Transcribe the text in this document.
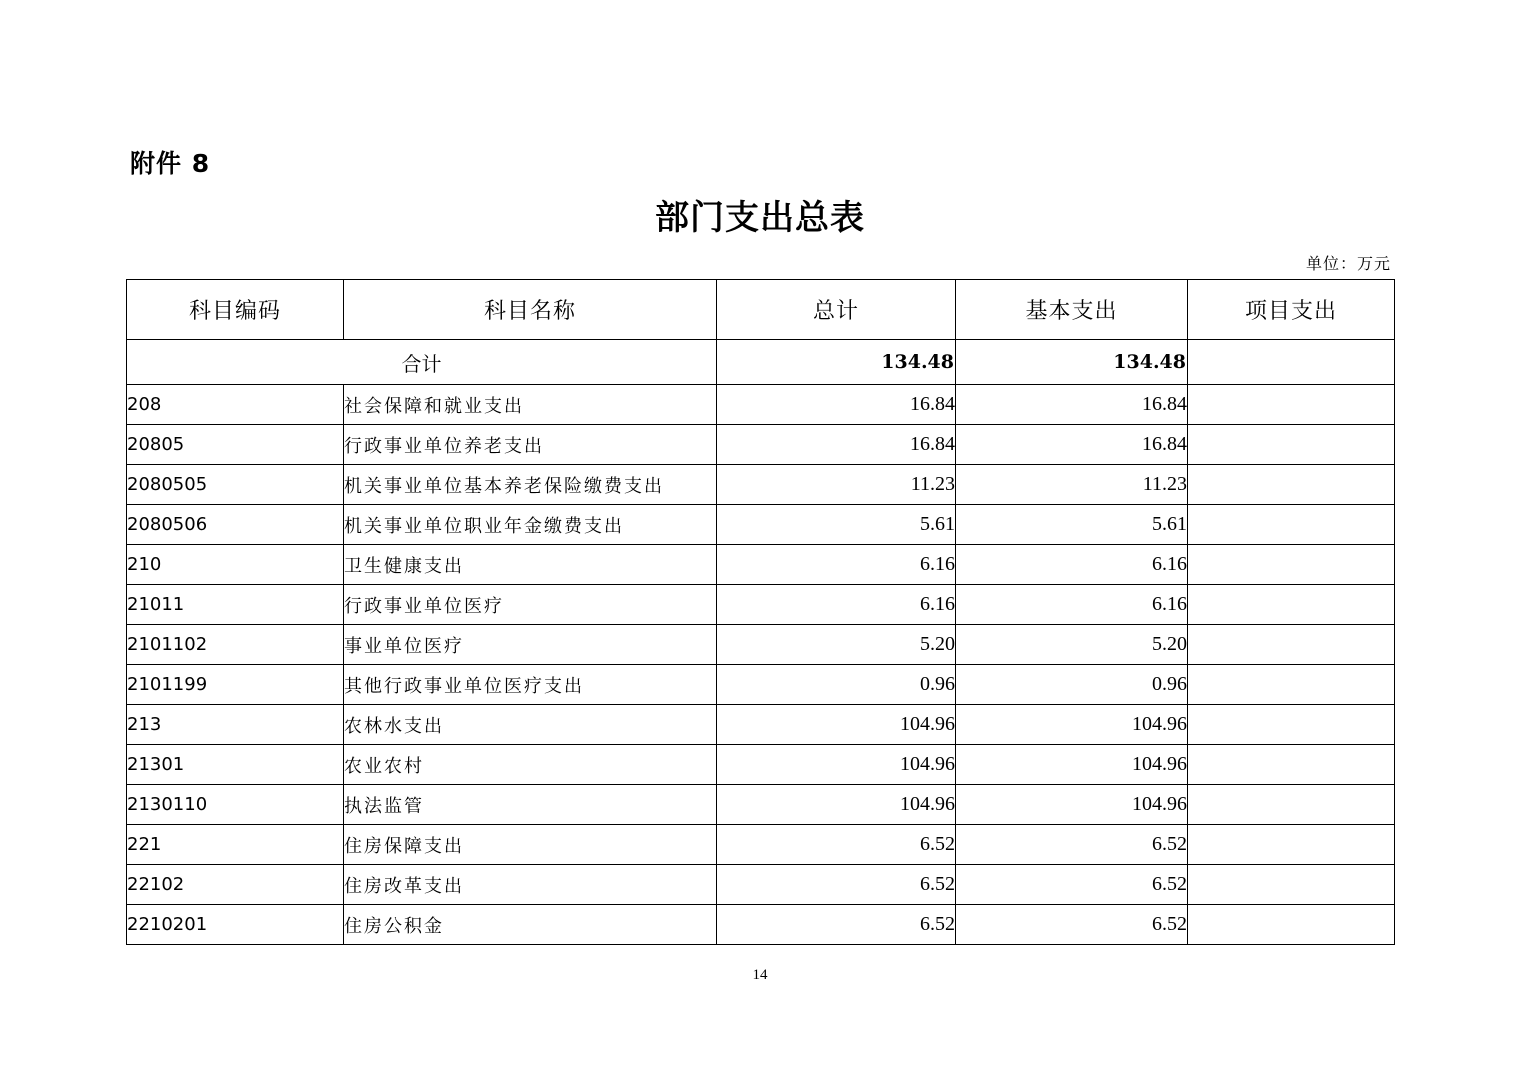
附件 8
部门支出总表
单位：万元
科目编码	科目名称	总计	基本支出	项目支出
合计		134.48	134.48	
208	社会保障和就业支出	16.84	16.84	
20805	行政事业单位养老支出	16.84	16.84	
2080505	机关事业单位基本养老保险缴费支出	11.23	11.23	
2080506	机关事业单位职业年金缴费支出	5.61	5.61	
210	卫生健康支出	6.16	6.16	
21011	行政事业单位医疗	6.16	6.16	
2101102	事业单位医疗	5.20	5.20	
2101199	其他行政事业单位医疗支出	0.96	0.96	
213	农林水支出	104.96	104.96	
21301	农业农村	104.96	104.96	
2130110	执法监管	104.96	104.96	
221	住房保障支出	6.52	6.52	
22102	住房改革支出	6.52	6.52	
2210201	住房公积金	6.52	6.52	
14
